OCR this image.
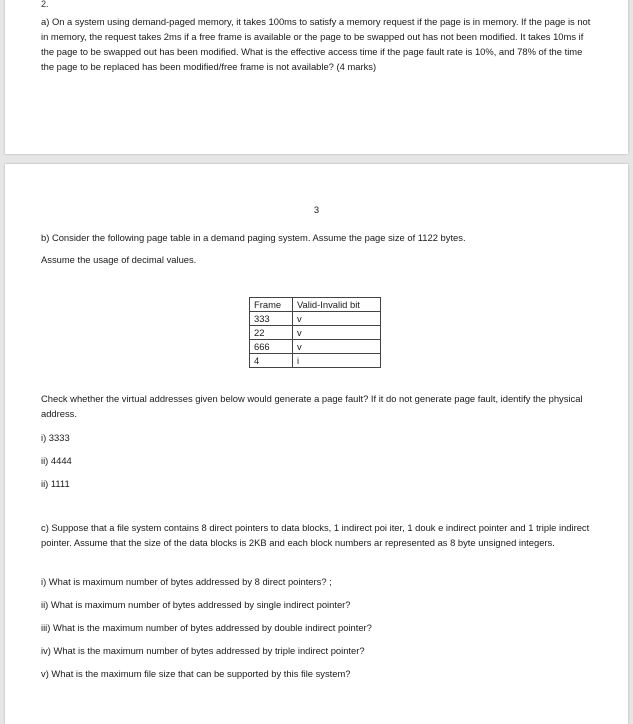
2.

a) On a system using demand-paged memory, it takes 100ms to satisfy a memory request if the page is in memory. If the page is not in memory, the request takes 2ms if a free frame is available or the page to be swapped out has not been modified. It takes 10ms if the page to be swapped out has been modified. What is the effective access time if the page fault rate is 10%, and 78% of the time the page to be replaced has been modified/free frame is not available? (4 marks)

3

b) Consider the following page table in a demand paging system. Assume the page size of 1122 bytes.

Assume the usage of decimal values.

Frame	Valid-Invalid bit
333	v
22	v
666	v
4	i

Check whether the virtual addresses given below would generate a page fault? If it do not generate page fault, identify the physical address.

i) 3333

ii) 4444

ii) 1111

c) Suppose that a file system contains 8 direct pointers to data blocks, 1 indirect poi iter, 1 douk e indirect pointer and 1 triple indirect pointer. Assume that the size of the data blocks is 2KB and each block numbers ar represented as 8 byte unsigned integers.

i) What is maximum number of bytes addressed by 8 direct pointers? ;

ii) What is maximum number of bytes addressed by single indirect pointer?

iii) What is the maximum number of bytes addressed by double indirect pointer?

iv) What is the maximum number of bytes addressed by triple indirect pointer?

v) What is the maximum file size that can be supported by this file system?
